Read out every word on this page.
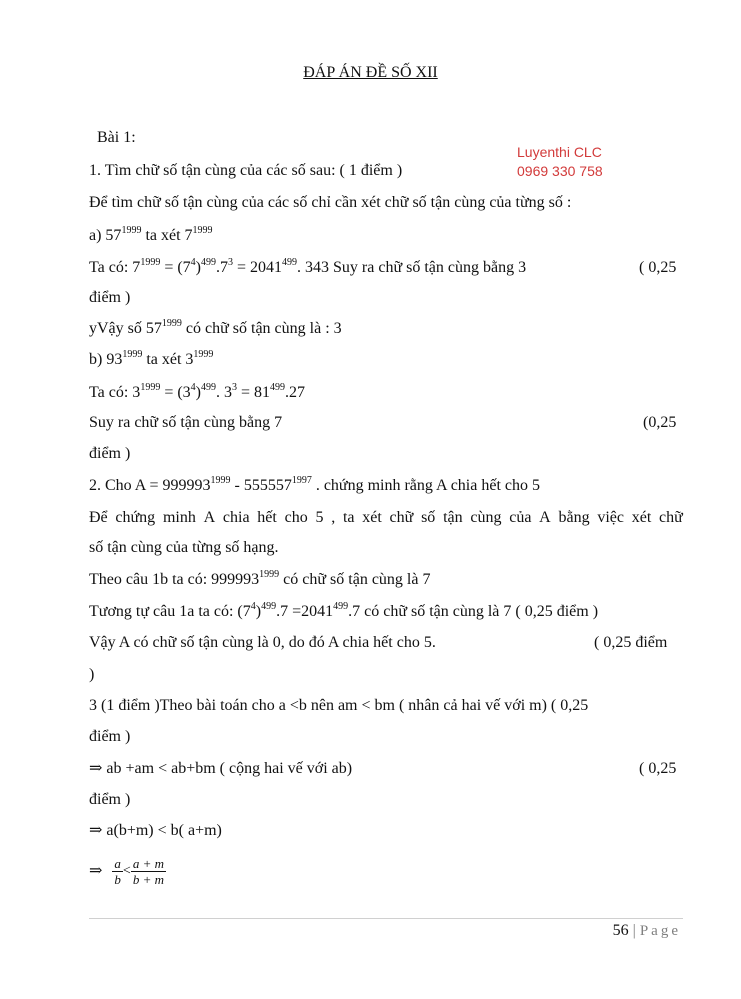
ĐÁP ÁN ĐỀ SỐ XII
Luyenthi CLC
0969 330 758
Bài 1:
1. Tìm chữ số tận cùng của các số sau: ( 1 điểm )
Để tìm chữ số tận cùng của các số chỉ cần xét chữ số tận cùng của từng số :
a) $57^{1999}$ ta xét $7^{1999}$
Ta có: $7^{1999} = (7^4)^{499}.7^3 = 2041^{499}$. 343 Suy ra chữ số tận cùng bằng 3	( 0,25
điểm )
yVậy số $57^{1999}$ có chữ số tận cùng là : 3
b) $93^{1999}$ ta xét $3^{1999}$
Ta có: $3^{1999} = (3^4)^{499}$. $3^3 = 81^{499}.27$
Suy ra chữ số tận cùng bằng 7	(0,25
điểm )
2. Cho $A = 999993^{1999} - 555557^{1997}$ . chứng minh rằng A chia hết cho 5
Để chứng minh A chia hết cho 5 , ta xét chữ số tận cùng của A bằng việc xét chữ
số tận cùng của từng số hạng.
Theo câu 1b ta có: $999993^{1999}$ có chữ số tận cùng là 7
Tương tự câu 1a ta có: $(7^4)^{499}.7 =2041^{499}.7$ có chữ số tận cùng là 7 ( 0,25 điểm )
Vậy A có chữ số tận cùng là 0, do đó A chia hết cho 5.	( 0,25 điểm
)
3 (1 điểm )Theo bài toán cho a <b nên am < bm ( nhân cả hai vế với m) ( 0,25
điểm )
⇒ ab +am < ab+bm ( cộng hai vế với ab)	( 0,25
điểm )
⇒ a(b+m) < b( a+m)
⇒ $\frac{a}{b} < \frac{a + m}{b + m}$
56 | Page
